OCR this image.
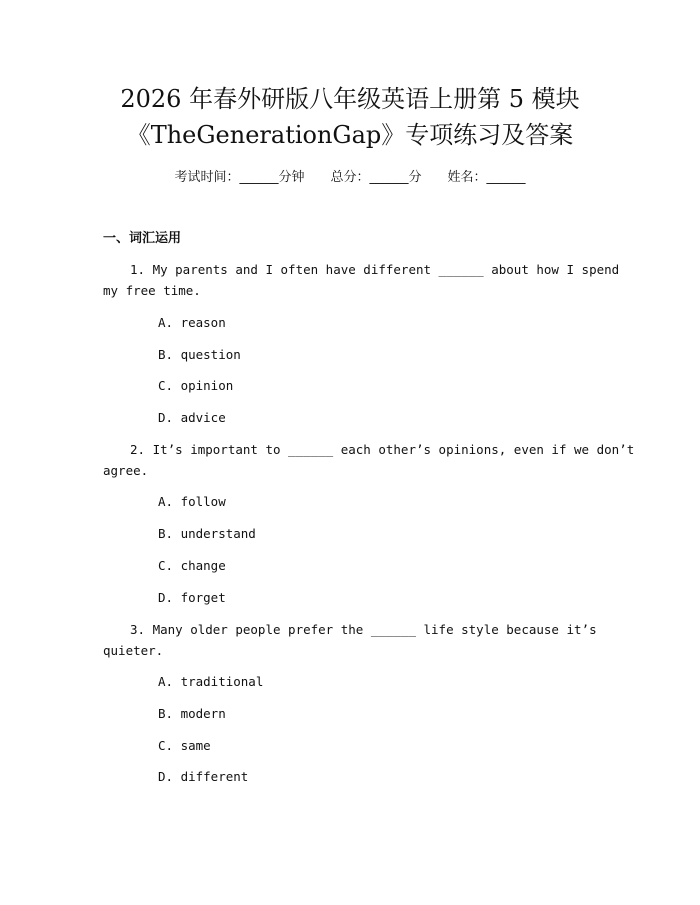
2026 年春外研版八年级英语上册第 5 模块
《TheGenerationGap》专项练习及答案
考试时间：______分钟 总分：______分 姓名：______
一、词汇运用
1. My parents and I often have different ______ about how I spend
my free time.
A. reason
B. question
C. opinion
D. advice
2. It’s important to ______ each other’s opinions, even if we don’t
agree.
A. follow
B. understand
C. change
D. forget
3. Many older people prefer the ______ life style because it’s
quieter.
A. traditional
B. modern
C. same
D. different
